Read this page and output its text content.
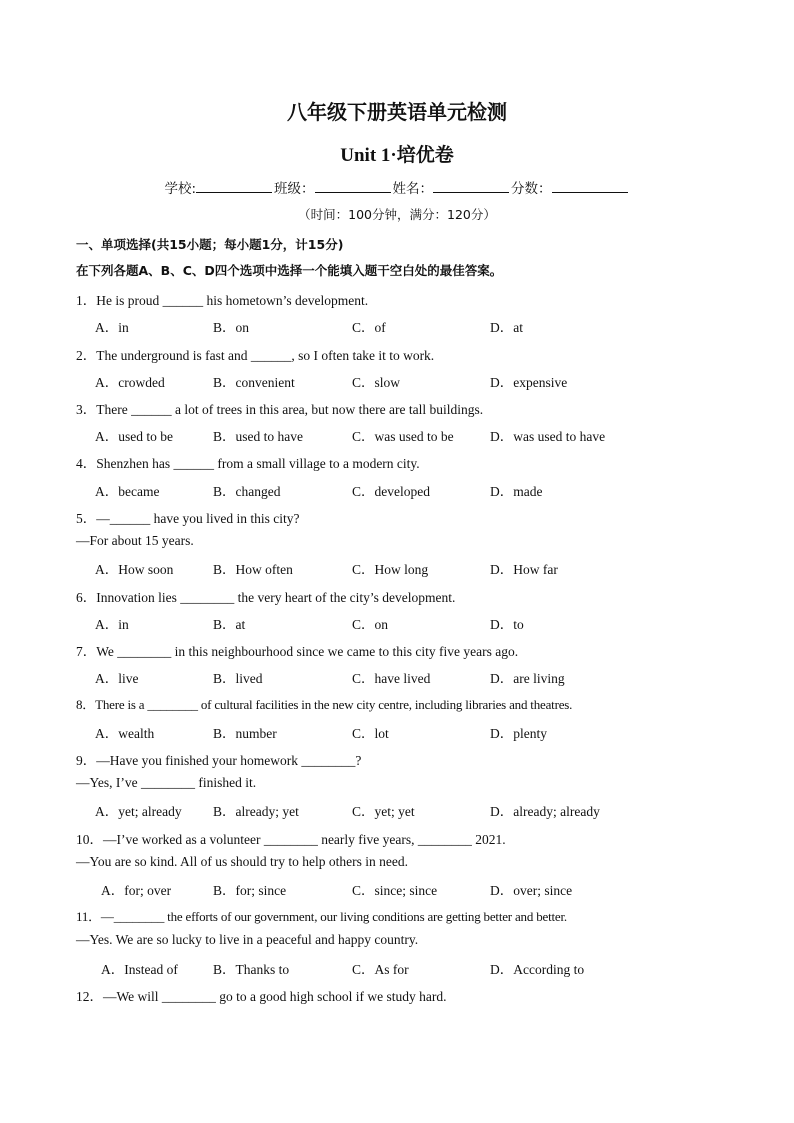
八年级下册英语单元检测
Unit 1·培优卷
学校:	班级：	姓名：	分数：
（时间：100分钟，满分：120分）
一、单项选择(共15小题；每小题1分，计15分)
在下列各题A、B、C、D四个选项中选择一个能填入题干空白处的最佳答案。
1．He is proud ______ his hometown’s development.
A．in	B．on	C．of	D．at
2．The underground is fast and ______, so I often take it to work.
A．crowded	B．convenient	C．slow	D．expensive
3．There ______ a lot of trees in this area, but now there are tall buildings.
A．used to be	B．used to have	C．was used to be	D．was used to have
4．Shenzhen has ______ from a small village to a modern city.
A．became	B．changed	C．developed	D．made
5．—______ have you lived in this city?
—For about 15 years.
A．How soon	B．How often	C．How long	D．How far
6．Innovation lies ________ the very heart of the city’s development.
A．in	B．at	C．on	D．to
7．We ________ in this neighbourhood since we came to this city five years ago.
A．live	B．lived	C．have lived	D．are living
8．There is a ________ of cultural facilities in the new city centre, including libraries and theatres.
A．wealth	B．number	C．lot	D．plenty
9．—Have you finished your homework ________?
—Yes, I’ve ________ finished it.
A．yet; already B．already; yet	C．yet; yet	D．already; already
10．—I’ve worked as a volunteer ________ nearly five years, ________ 2021.
—You are so kind. All of us should try to help others in need.
A．for; over	B．for; since	C．since; since	D．over; since
11．—________ the efforts of our government, our living conditions are getting better and better.
—Yes. We are so lucky to live in a peaceful and happy country.
A．Instead of	B．Thanks to	C．As for	D．According to
12．—We will ________ go to a good high school if we study hard.
